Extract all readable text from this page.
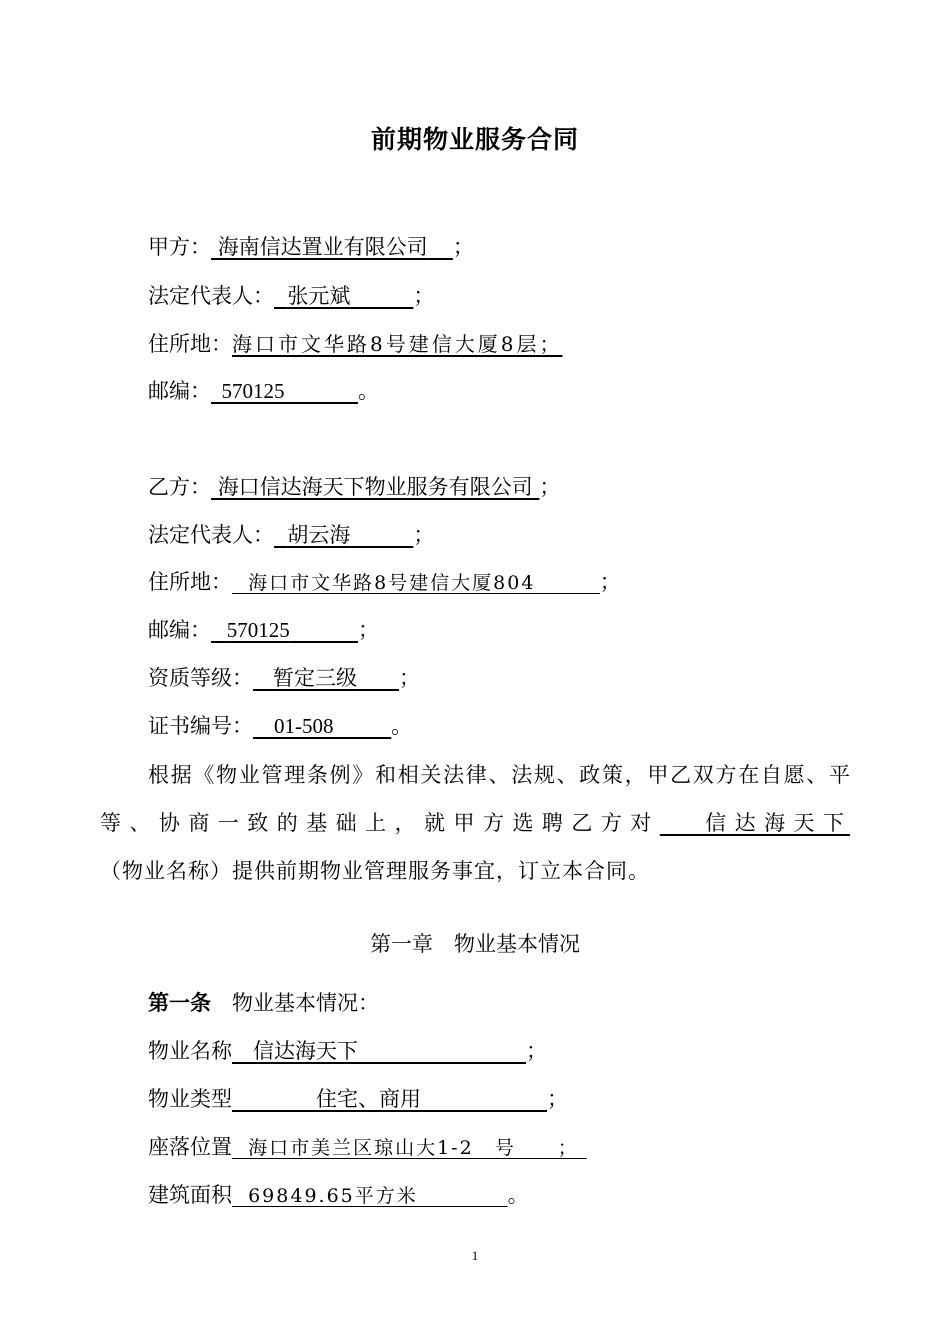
前期物业服务合同
甲方： 海南信达置业有限公司　  ；
法定代表人： 张元斌　　　	；
住所地：海口市文华路8号建信大厦8层；
邮编： 570125	。
乙方： 海口信达海天下物业服务有限公司 ；
法定代表人： 胡云海　　　	；
住所地： 海口市文华路8号建信大厦804	；
邮编： 570125	；
资质等级： 暂定三级　　 ；
证书编号： 01-508	。
根据《物业管理条例》和相关法律、法规、政策，甲乙双方在自愿、平
等、协商一致的基础上，就甲方选聘乙方对 信达海天下
（物业名称）提供前期物业管理服务事宜，订立本合同。
第一章　物业基本情况
第一条　 物业基本情况：
物业名称　 信达海天下　　　　　　　　	；
物业类型　　　　	住宅、商用　　　　　　	；
座落位置 海口市美兰区琼山大1-2　号　　；
建筑面积 69849.65平方米　　　　 	。
1
